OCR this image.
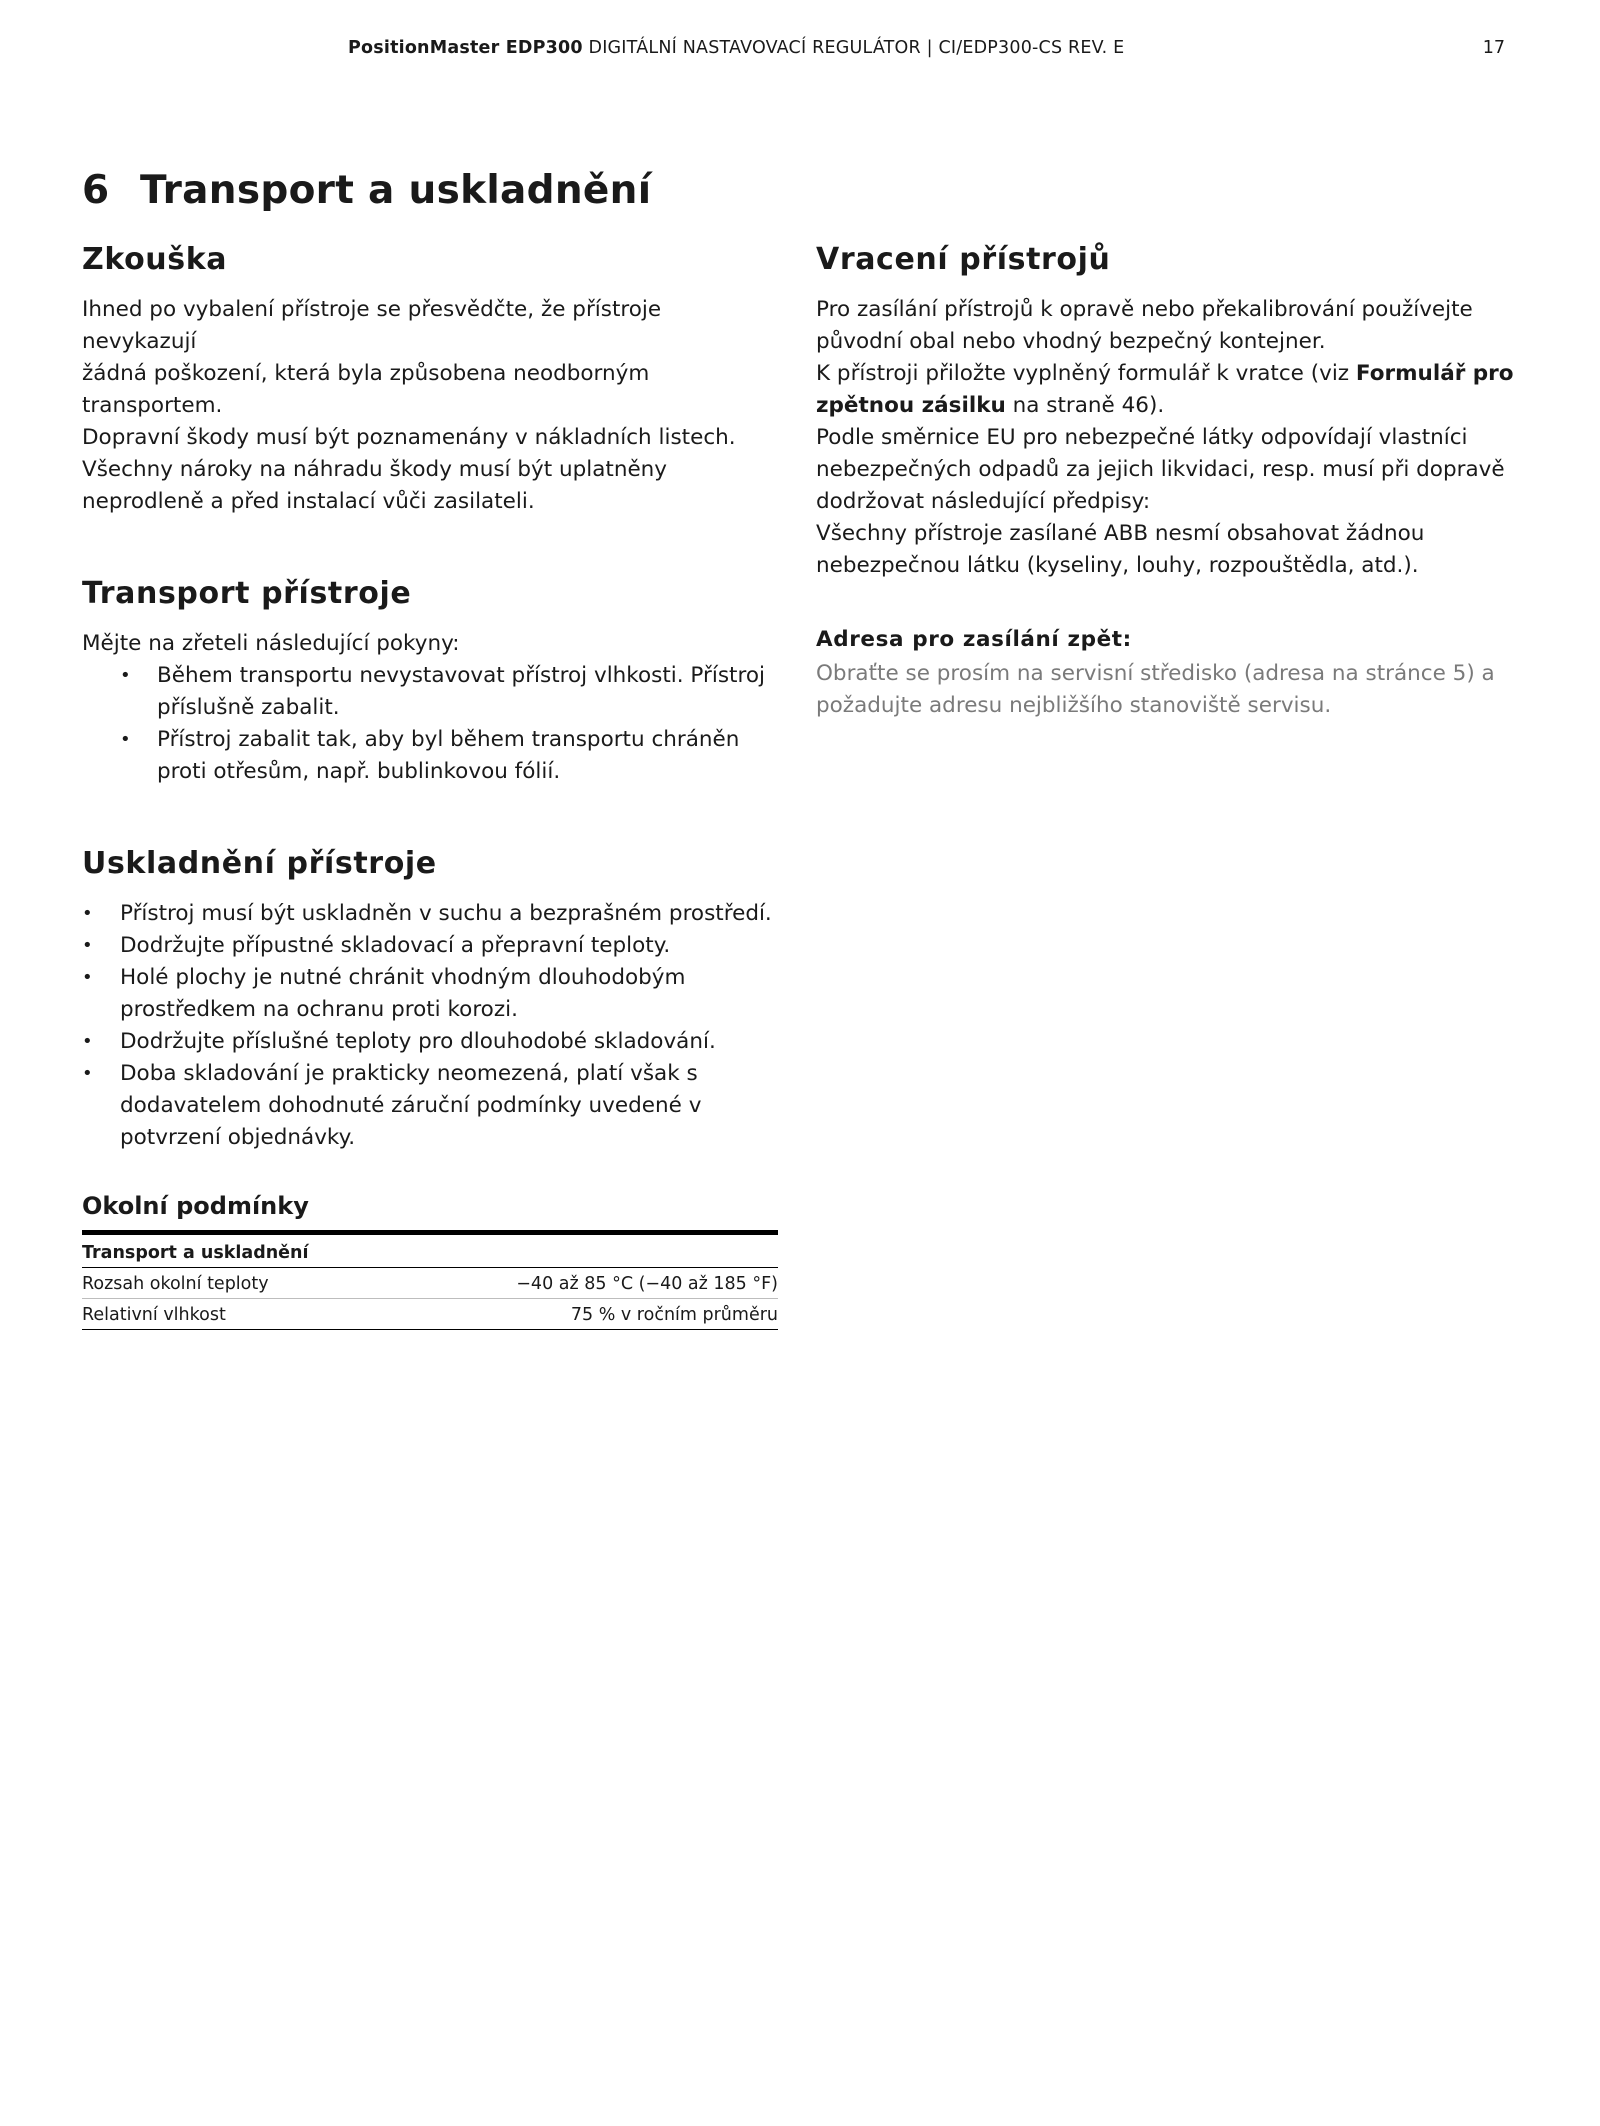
PositionMaster EDP300 DIGITÁLNÍ NASTAVOVACÍ REGULÁTOR | CI/EDP300-CS REV. E	17
6 Transport a uskladnění
Zkouška

Ihned po vybalení přístroje se přesvědčte, že přístroje nevykazují
žádná poškození, která byla způsobena neodborným
transportem.
Dopravní škody musí být poznamenány v nákladních listech.
Všechny nároky na náhradu škody musí být uplatněny
neprodleně a před instalací vůči zasilateli.

Transport přístroje

Mějte na zřeteli následující pokyny:

• Během transportu nevystavovat přístroj vlhkosti. Přístroj
příslušně zabalit.
• Přístroj zabalit tak, aby byl během transportu chráněn
proti otřesům, např. bublinkovou fólií.
Uskladnění přístroje
• Přístroj musí být uskladněn v suchu a bezprašném prostředí.
• Dodržujte přípustné skladovací a přepravní teploty.
• Holé plochy je nutné chránit vhodným dlouhodobým
prostředkem na ochranu proti korozi.
• Dodržujte příslušné teploty pro dlouhodobé skladování.
• Doba skladování je prakticky neomezená, platí však s
dodavatelem dohodnuté záruční podmínky uvedené v
potvrzení objednávky.
Okolní podmínky
Transport a uskladnění	
Rozsah okolní teploty	−40 až 85 °C (−40 až 185 °F)
Relativní vlhkost	75 % v ročním průměru
Vracení přístrojů

Pro zasílání přístrojů k opravě nebo překalibrování používejte
původní obal nebo vhodný bezpečný kontejner.
K přístroji přiložte vyplněný formulář k vratce (viz Formulář pro
zpětnou zásilku na straně 46).
Podle směrnice EU pro nebezpečné látky odpovídají vlastníci
nebezpečných odpadů za jejich likvidaci, resp. musí při dopravě
dodržovat následující předpisy:
Všechny přístroje zasílané ABB nesmí obsahovat žádnou
nebezpečnou látku (kyseliny, louhy, rozpouštědla, atd.).

Adresa pro zasílání zpět:

Obraťte se prosím na servisní středisko (adresa na stránce 5) a
požadujte adresu nejbližšího stanoviště servisu.
